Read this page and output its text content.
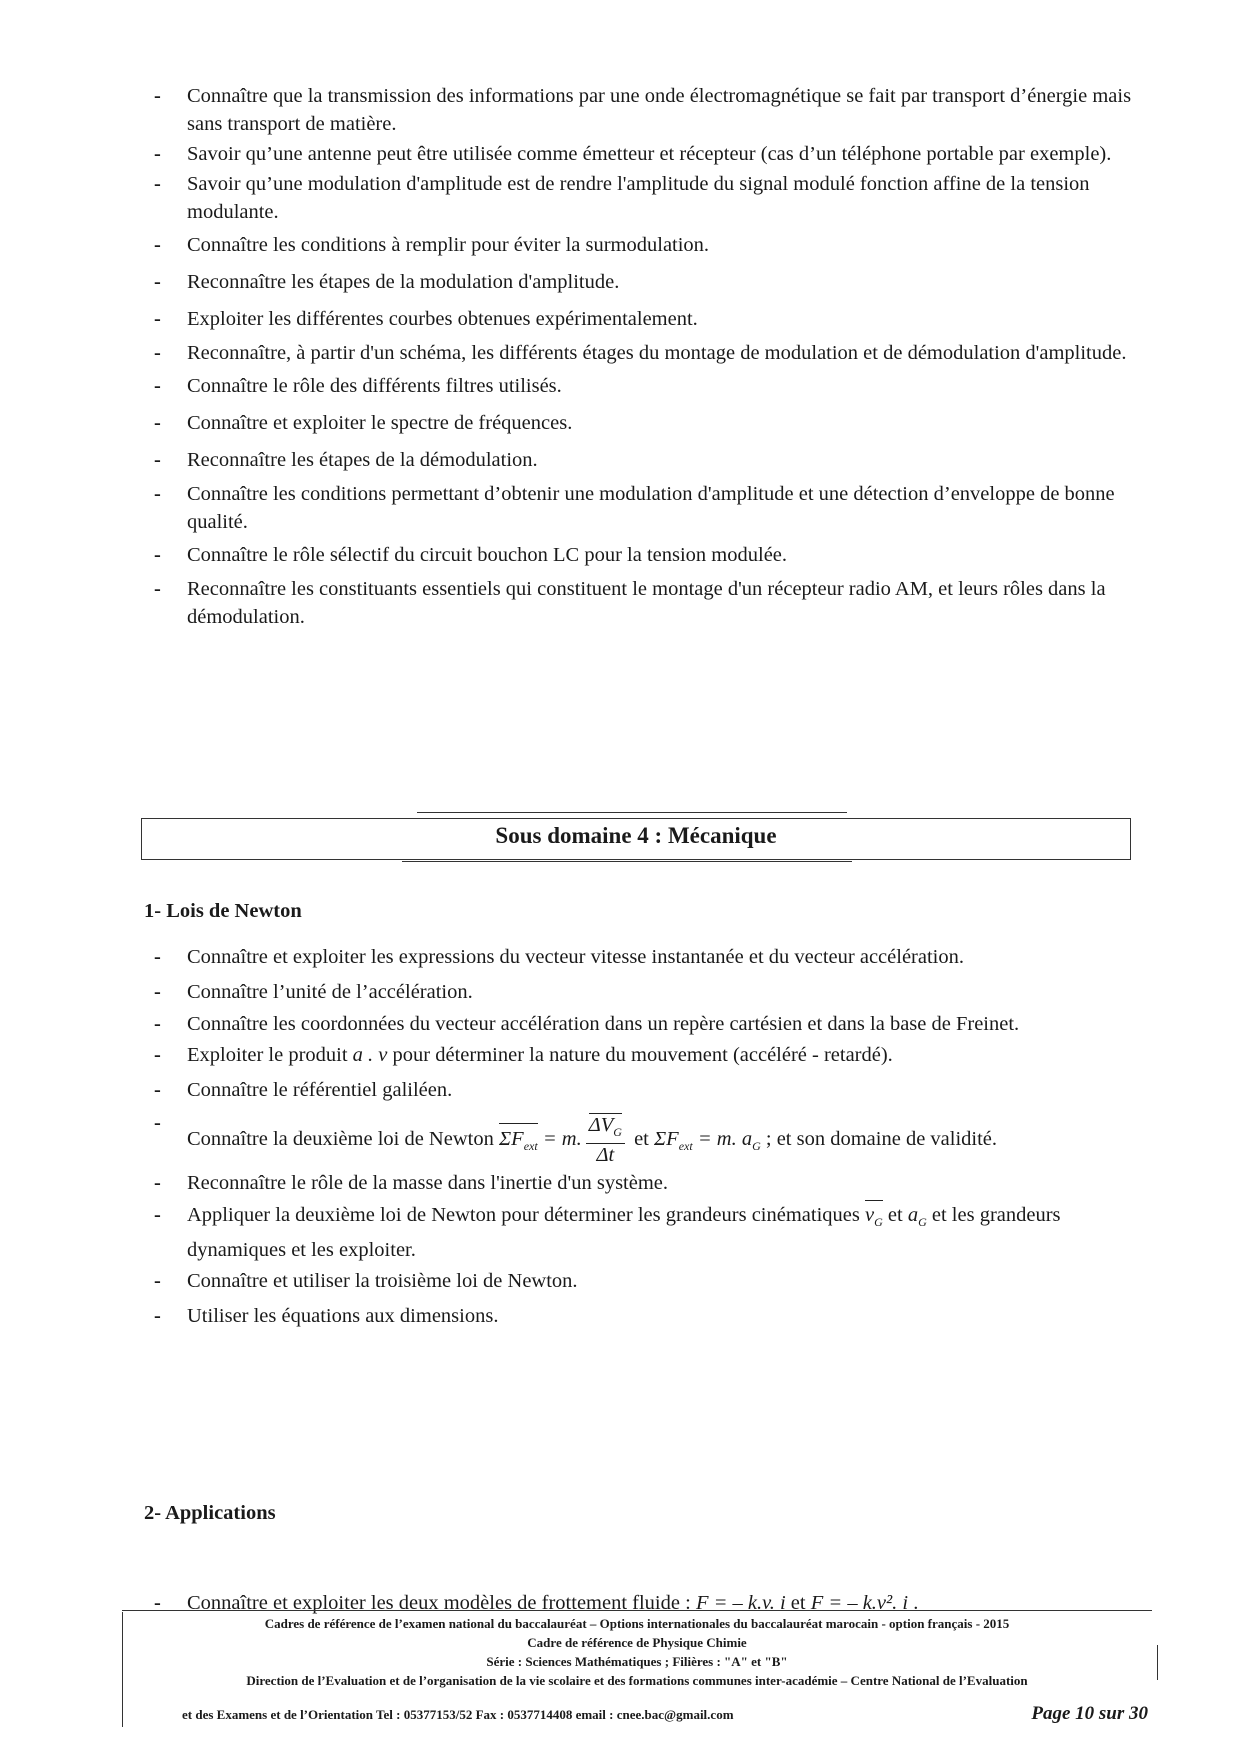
- Connaître que la transmission des informations par une onde électromagnétique se fait par transport d’énergie mais sans transport de matière.
- Savoir qu’une antenne peut être utilisée comme émetteur et récepteur (cas d’un téléphone portable par exemple).
- Savoir qu’une modulation d'amplitude est de rendre l'amplitude du signal modulé fonction affine de la tension modulante.
- Connaître les conditions à remplir pour éviter la surmodulation.
- Reconnaître les étapes de la modulation d'amplitude.
- Exploiter les différentes courbes obtenues expérimentalement.
- Reconnaître, à partir d'un schéma, les différents étages du montage de modulation et de démodulation d'amplitude.
- Connaître le rôle des différents filtres utilisés.
- Connaître et exploiter le spectre de fréquences.
- Reconnaître les étapes de la démodulation.
- Connaître les conditions permettant d’obtenir une modulation d'amplitude et une détection d’enveloppe de bonne qualité.
- Connaître le rôle sélectif du circuit bouchon LC pour la tension modulée.
- Reconnaître les constituants essentiels qui constituent le montage d'un récepteur radio AM, et leurs rôles dans la démodulation.
Sous domaine 4 : Mécanique
1- Lois de Newton
- Connaître et exploiter les expressions du vecteur vitesse instantanée et du vecteur accélération.
- Connaître l’unité de l’accélération.
- Connaître les coordonnées du vecteur accélération dans un repère cartésien et dans la base de Freinet.
- Exploiter le produit a . v pour déterminer la nature du mouvement (accéléré - retardé).
- Connaître le référentiel galiléen.
- Connaître la deuxième loi de Newton $\Sigma F_{ext} = m$. $\frac{\Delta V_G}{\Delta t}$ et $\Sigma F_{ext} = m$. $a_G$ ; et son domaine de validité.
- Reconnaître le rôle de la masse dans l'inertie d'un système.
- Appliquer la deuxième loi de Newton pour déterminer les grandeurs cinématiques $v_G$ et $a_G$ et les grandeurs dynamiques et les exploiter.
- Connaître et utiliser la troisième loi de Newton.
- Utiliser les équations aux dimensions.
2- Applications
- Connaître et exploiter les deux modèles de frottement fluide : F = – k.v. i et F = – k.v². i .
Cadres de référence de l’examen national du baccalauréat – Options internationales du baccalauréat marocain - option français - 2015
Cadre de référence de Physique Chimie
Série : Sciences Mathématiques ; Filières : "A" et "B"
Direction de l’Evaluation et de l’organisation de la vie scolaire et des formations communes inter-académie – Centre National de l’Evaluation
et des Examens et de l’Orientation Tel : 05377153/52 Fax : 0537714408 email : cnee.bac@gmail.com	Page 10 sur 30
